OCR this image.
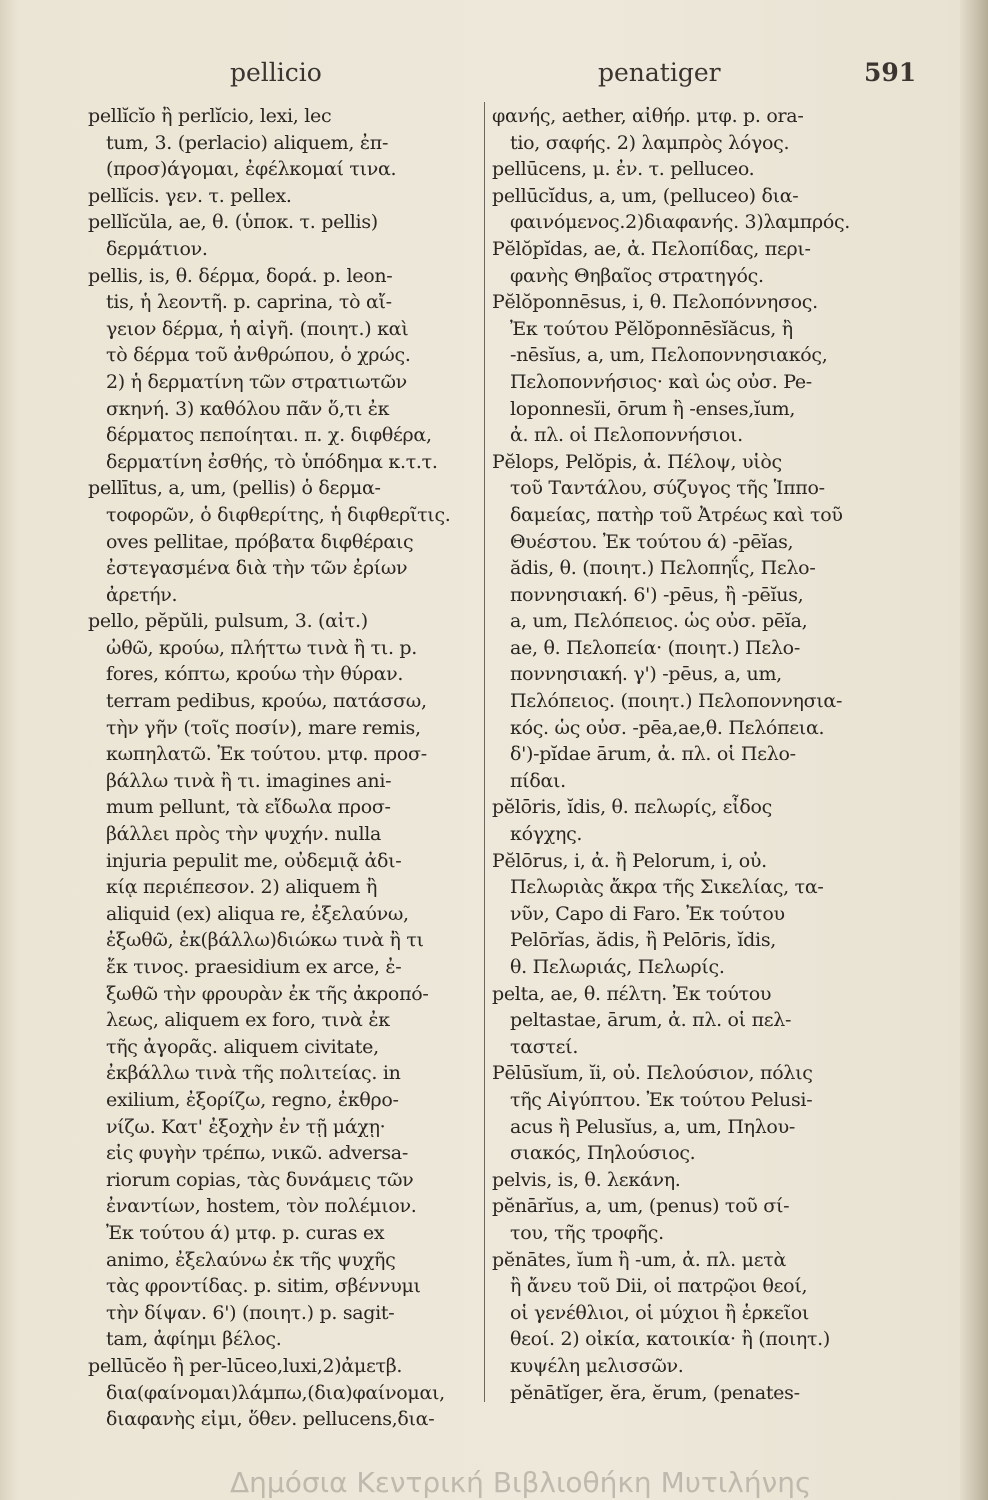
pellicio	penatiger	591
pellĭcĭo ἢ perlĭcio, lexi, lec
tum, 3. (perlacio) aliquem, ἐπ-
(προσ)άγομαι, ἐφέλκομαί τινα.
pellĭcis. γεν. τ. pellex.
pellĭcŭla, ae, θ. (ὑποκ. τ. pellis)
δερμάτιον.
pellis, is, θ. δέρμα, δορά. p. leon-
tis, ἡ λεοντῆ. p. caprina, τὸ αἴ-
γειον δέρμα, ἡ αἰγῆ. (ποιητ.) καὶ
τὸ δέρμα τοῦ ἀνθρώπου, ὁ χρώς.
2) ἡ δερματίνη τῶν στρατιωτῶν
σκηνή. 3) καθόλου πᾶν ὅ,τι ἐκ
δέρματος πεποίηται. π. χ. διφθέρα,
δερματίνη ἐσθής, τὸ ὑπόδημα κ.τ.τ.
pellītus, a, um, (pellis) ὁ δερμα-
τοφορῶν, ὁ διφθερίτης, ἡ διφθερῖτις.
oves pellitae, πρόβατα διφθέραις
ἐστεγασμένα διὰ τὴν τῶν ἐρίων
ἀρετήν.
pello, pĕpŭli, pulsum, 3. (αἰτ.)
ὠθῶ, κρούω, πλήττω τινὰ ἢ τι. p.
fores, κόπτω, κρούω τὴν θύραν.
terram pedibus, κρούω, πατάσσω,
τὴν γῆν (τοῖς ποσίν), mare remis,
κωπηλατῶ. Ἐκ τούτου. μτφ. προσ-
βάλλω τινὰ ἢ τι. imagines ani-
mum pellunt, τὰ εἴδωλα προσ-
βάλλει πρὸς τὴν ψυχήν. nulla
injuria pepulit me, οὐδεμιᾷ ἀδι-
κίᾳ περιέπεσον. 2) aliquem ἢ
aliquid (ex) aliqua re, ἐξελαύνω,
ἐξωθῶ, ἐκ(βάλλω)διώκω τινὰ ἢ τι
ἔκ τινος. praesidium ex arce, ἐ-
ξωθῶ τὴν φρουρὰν ἐκ τῆς ἀκροπό-
λεως, aliquem ex foro, τινὰ ἐκ
τῆς ἀγορᾶς. aliquem civitate,
ἐκβάλλω τινὰ τῆς πολιτείας. in
exilium, ἐξορίζω, regno, ἐκθρο-
νίζω. Κατ' ἐξοχὴν ἐν τῇ μάχῃ·
εἰς φυγὴν τρέπω, νικῶ. adversa-
riorum copias, τὰς δυνάμεις τῶν
ἐναντίων, hostem, τὸν πολέμιον.
Ἐκ τούτου ά) μτφ. p. curas ex
animo, ἐξελαύνω ἐκ τῆς ψυχῆς
τὰς φροντίδας. p. sitim, σβέννυμι
τὴν δίψαν. 6') (ποιητ.) p. sagit-
tam, ἀφίημι βέλος.
pellūcĕo ἢ per-lūceo,luxi,2)ἀμετβ.
δια(φαίνομαι)λάμπω,(δια)φαίνομαι,
διαφανὴς εἰμι, ὅθεν. pellucens,δια-
φανής, aether, αἰθήρ. μτφ. p. ora-
tio, σαφής. 2) λαμπρὸς λόγος.
pellūcens, μ. ἐν. τ. pelluceo.
pellūcĭdus, a, um, (pelluceo) δια-
φαινόμενος.2)διαφανής. 3)λαμπρός.
Pĕlŏpĭdas, ae, ἀ. Πελοπίδας, περι-
φανὴς Θηβαῖος στρατηγός.
Pĕlŏponnēsus, i, θ. Πελοπόννησος.
Ἐκ τούτου Pĕlŏponnēsĭăcus, ἢ
-nēsĭus, a, um, Πελοποννησιακός,
Πελοποννήσιος· καὶ ὡς οὐσ. Pe-
loponnesĭi, ōrum ἢ -enses,ĭum,
ἀ. πλ. οἱ Πελοποννήσιοι.
Pĕlops, Pelŏpis, ἀ. Πέλοψ, υἱὸς
τοῦ Ταντάλου, σύζυγος τῆς Ἱππο-
δαμείας, πατὴρ τοῦ Ἀτρέως καὶ τοῦ
Θυέστου. Ἐκ τούτου ά) -pēĭas,
ădis, θ. (ποιητ.) Πελοπηΐς, Πελο-
ποννησιακή. 6') -pēus, ἢ -pēĭus,
a, um, Πελόπειος. ὡς οὐσ. pēĭa,
ae, θ. Πελοπεία· (ποιητ.) Πελο-
ποννησιακή. γ') -pēus, a, um,
Πελόπειος. (ποιητ.) Πελοποννησια-
κός. ὡς οὐσ. -pēa,ae,θ. Πελόπεια.
δ')-pĭdae ārum, ἀ. πλ. οἱ Πελο-
πίδαι.
pĕlōris, ĭdis, θ. πελωρίς, εἶδος
κόγχης.
Pĕlōrus, i, ἀ. ἢ Pelorum, i, οὐ.
Πελωριὰς ἄκρα τῆς Σικελίας, τα-
νῦν, Capo di Faro. Ἐκ τούτου
Pelōrĭas, ădis, ἢ Pelōris, ĭdis,
θ. Πελωριάς, Πελωρίς.
pelta, ae, θ. πέλτη. Ἐκ τούτου
peltastae, ārum, ἀ. πλ. οἱ πελ-
ταστεί.
Pēlūsĭum, ĭi, οὐ. Πελούσιον, πόλις
τῆς Αἰγύπτου. Ἐκ τούτου Pelusi-
acus ἢ Pelusĭus, a, um, Πηλου-
σιακός, Πηλούσιος.
pelvis, is, θ. λεκάνη.
pĕnārĭus, a, um, (penus) τοῦ σί-
του, τῆς τροφῆς.
pĕnātes, ĭum ἢ -um, ἀ. πλ. μετὰ
ἢ ἄνευ τοῦ Dii, οἱ πατρῷοι θεοί,
οἱ γενέθλιοι, οἱ μύχιοι ἢ ἑρκεῖοι
θεοί. 2) οἰκία, κατοικία· ἢ (ποιητ.)
κυψέλη μελισσῶν.
pĕnātĭger, ĕra, ĕrum, (penates-
Δημόσια Κεντρική Βιβλιοθήκη Μυτιλήνης
